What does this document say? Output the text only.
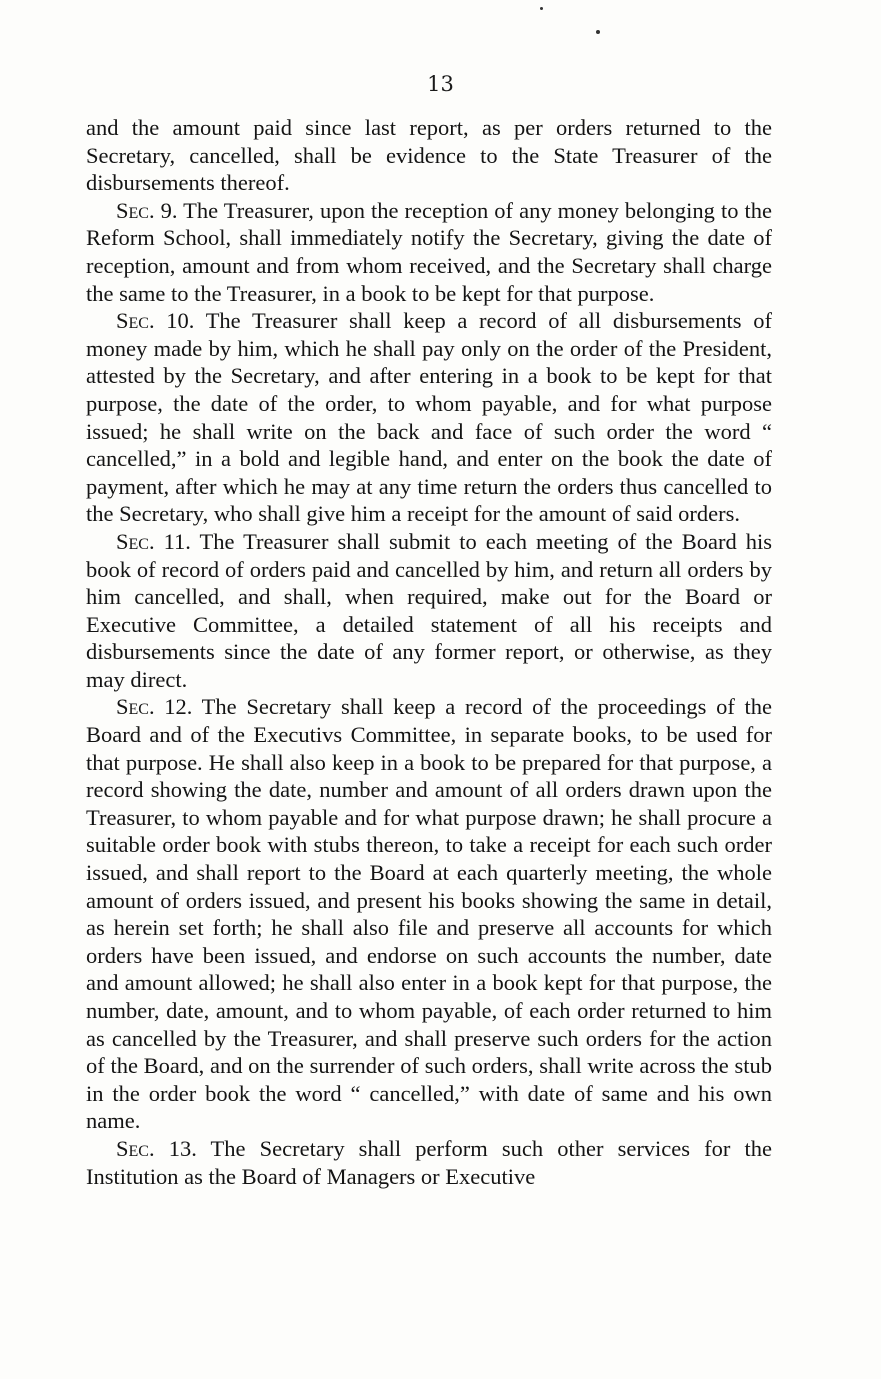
13

and the amount paid since last report, as per orders returned to the Secretary, cancelled, shall be evidence to the State Treasurer of the disbursements thereof.

Sec. 9. The Treasurer, upon the reception of any money belonging to the Reform School, shall immediately notify the Secretary, giving the date of reception, amount and from whom received, and the Secretary shall charge the same to the Treasurer, in a book to be kept for that purpose.

Sec. 10. The Treasurer shall keep a record of all disbursements of money made by him, which he shall pay only on the order of the President, attested by the Secretary, and after entering in a book to be kept for that purpose, the date of the order, to whom payable, and for what purpose issued; he shall write on the back and face of such order the word “ cancelled,” in a bold and legible hand, and enter on the book the date of payment, after which he may at any time return the orders thus cancelled to the Secretary, who shall give him a receipt for the amount of said orders.

Sec. 11. The Treasurer shall submit to each meeting of the Board his book of record of orders paid and cancelled by him, and return all orders by him cancelled, and shall, when required, make out for the Board or Executive Committee, a detailed statement of all his receipts and disbursements since the date of any former report, or otherwise, as they may direct.

Sec. 12. The Secretary shall keep a record of the proceedings of the Board and of the Executivs Committee, in separate books, to be used for that purpose. He shall also keep in a book to be prepared for that purpose, a record showing the date, number and amount of all orders drawn upon the Treasurer, to whom payable and for what purpose drawn; he shall procure a suitable order book with stubs thereon, to take a receipt for each such order issued, and shall report to the Board at each quarterly meeting, the whole amount of orders issued, and present his books showing the same in detail, as herein set forth; he shall also file and preserve all accounts for which orders have been issued, and endorse on such accounts the number, date and amount allowed; he shall also enter in a book kept for that purpose, the number, date, amount, and to whom payable, of each order returned to him as cancelled by the Treasurer, and shall preserve such orders for the action of the Board, and on the surrender of such orders, shall write across the stub in the order book the word “ cancelled,” with date of same and his own name.

Sec. 13. The Secretary shall perform such other services for the Institution as the Board of Managers or Executive
